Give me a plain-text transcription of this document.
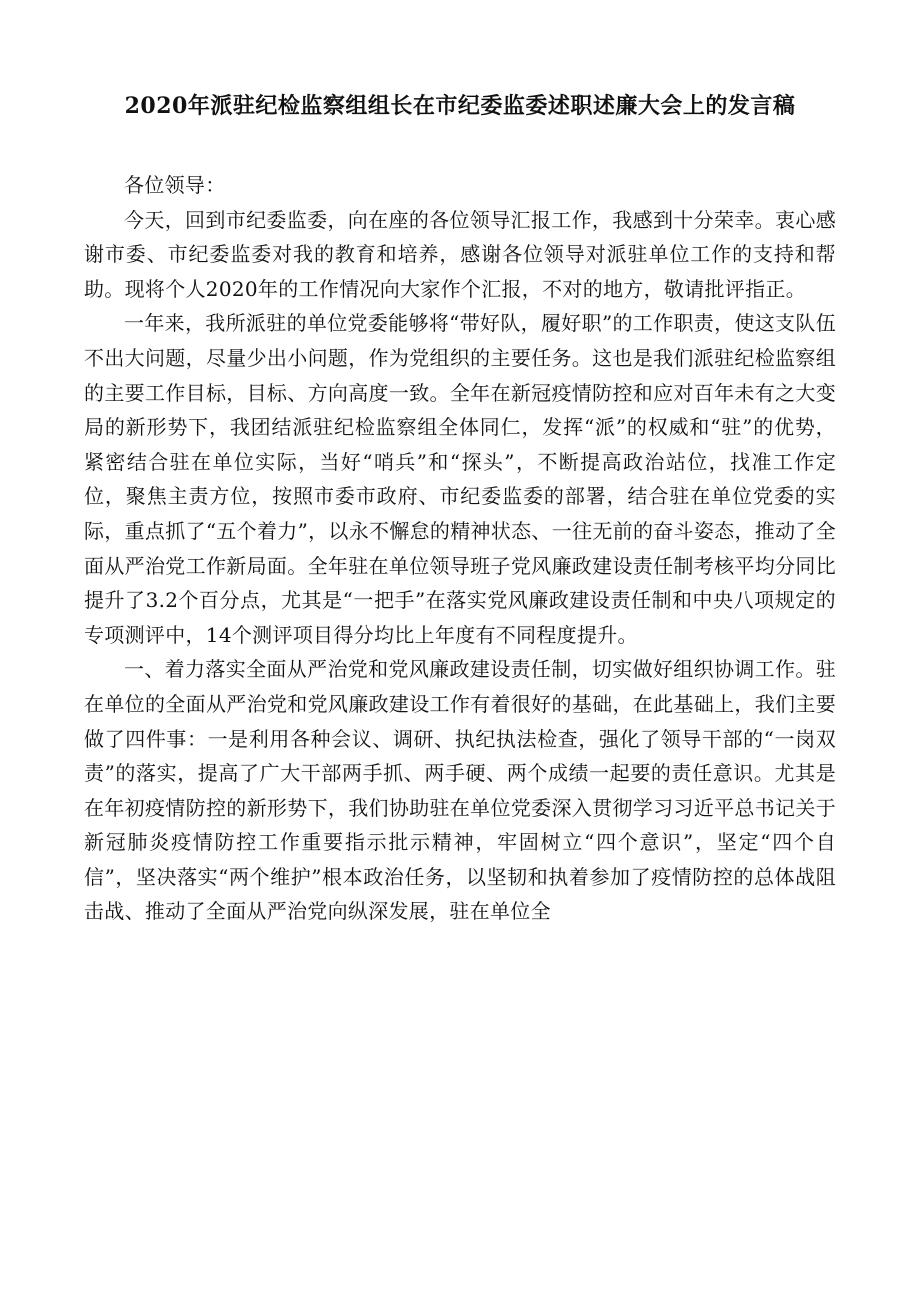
2020年派驻纪检监察组组长在市纪委监委述职述廉大会上的发言稿

各位领导：

今天，回到市纪委监委，向在座的各位领导汇报工作，我感到十分荣幸。衷心感谢市委、市纪委监委对我的教育和培养，感谢各位领导对派驻单位工作的支持和帮助。现将个人2020年的工作情况向大家作个汇报，不对的地方，敬请批评指正。

一年来，我所派驻的单位党委能够将“带好队，履好职”的工作职责，使这支队伍不出大问题，尽量少出小问题，作为党组织的主要任务。这也是我们派驻纪检监察组的主要工作目标，目标、方向高度一致。全年在新冠疫情防控和应对百年未有之大变局的新形势下，我团结派驻纪检监察组全体同仁，发挥“派”的权威和“驻”的优势，紧密结合驻在单位实际，当好“哨兵”和“探头”，不断提高政治站位，找准工作定位，聚焦主责方位，按照市委市政府、市纪委监委的部署，结合驻在单位党委的实际，重点抓了“五个着力”，以永不懈怠的精神状态、一往无前的奋斗姿态，推动了全面从严治党工作新局面。全年驻在单位领导班子党风廉政建设责任制考核平均分同比提升了3.2个百分点，尤其是“一把手”在落实党风廉政建设责任制和中央八项规定的专项测评中，14个测评项目得分均比上年度有不同程度提升。

一、着力落实全面从严治党和党风廉政建设责任制，切实做好组织协调工作。驻在单位的全面从严治党和党风廉政建设工作有着很好的基础，在此基础上，我们主要做了四件事：一是利用各种会议、调研、执纪执法检查，强化了领导干部的“一岗双责”的落实，提高了广大干部两手抓、两手硬、两个成绩一起要的责任意识。尤其是在年初疫情防控的新形势下，我们协助驻在单位党委深入贯彻学习习近平总书记关于新冠肺炎疫情防控工作重要指示批示精神，牢固树立“四个意识”，坚定“四个自信”，坚决落实“两个维护”根本政治任务，以坚韧和执着参加了疫情防控的总体战阻击战、推动了全面从严治党向纵深发展，驻在单位全
